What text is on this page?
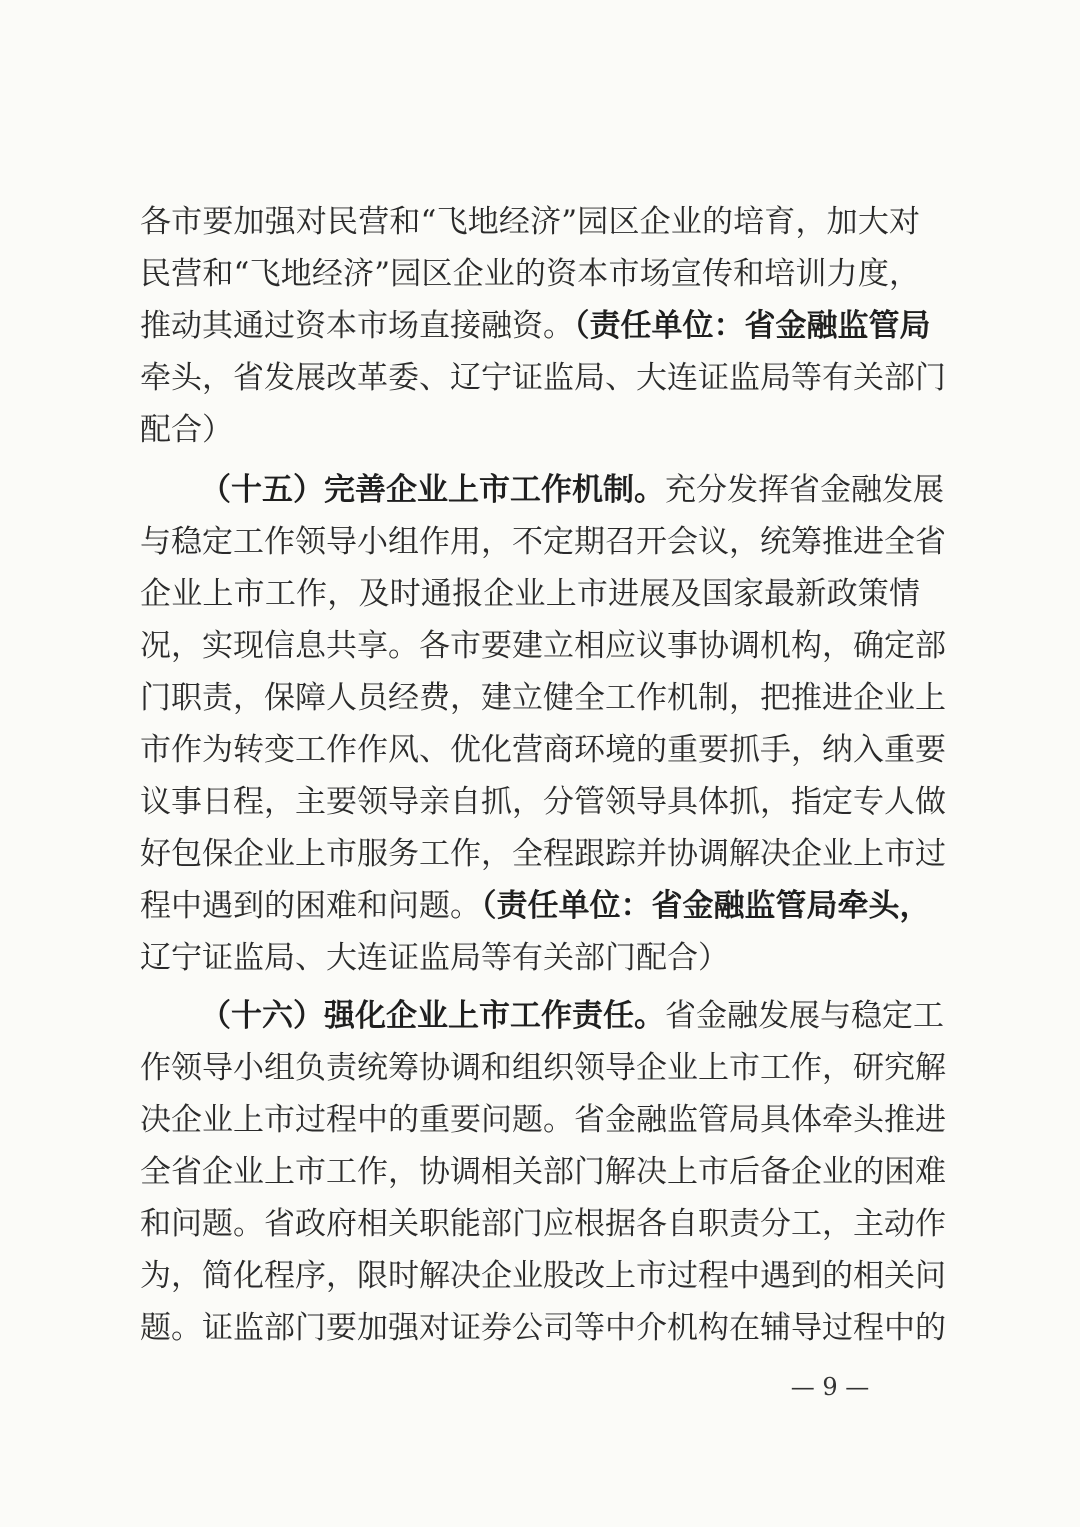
各市要加强对民营和“飞地经济”园区企业的培育，加大对
民营和“飞地经济”园区企业的资本市场宣传和培训力度，
推动其通过资本市场直接融资。（责任单位：省金融监管局
牵头，省发展改革委、辽宁证监局、大连证监局等有关部门
配合）
（十五）完善企业上市工作机制。充分发挥省金融发展
与稳定工作领导小组作用，不定期召开会议，统筹推进全省
企业上市工作，及时通报企业上市进展及国家最新政策情
况，实现信息共享。各市要建立相应议事协调机构，确定部
门职责，保障人员经费，建立健全工作机制，把推进企业上
市作为转变工作作风、优化营商环境的重要抓手，纳入重要
议事日程，主要领导亲自抓，分管领导具体抓，指定专人做
好包保企业上市服务工作，全程跟踪并协调解决企业上市过
程中遇到的困难和问题。（责任单位：省金融监管局牵头，
辽宁证监局、大连证监局等有关部门配合）
（十六）强化企业上市工作责任。省金融发展与稳定工
作领导小组负责统筹协调和组织领导企业上市工作，研究解
决企业上市过程中的重要问题。省金融监管局具体牵头推进
全省企业上市工作，协调相关部门解决上市后备企业的困难
和问题。省政府相关职能部门应根据各自职责分工，主动作
为，简化程序，限时解决企业股改上市过程中遇到的相关问
题。证监部门要加强对证券公司等中介机构在辅导过程中的
— 9 —
